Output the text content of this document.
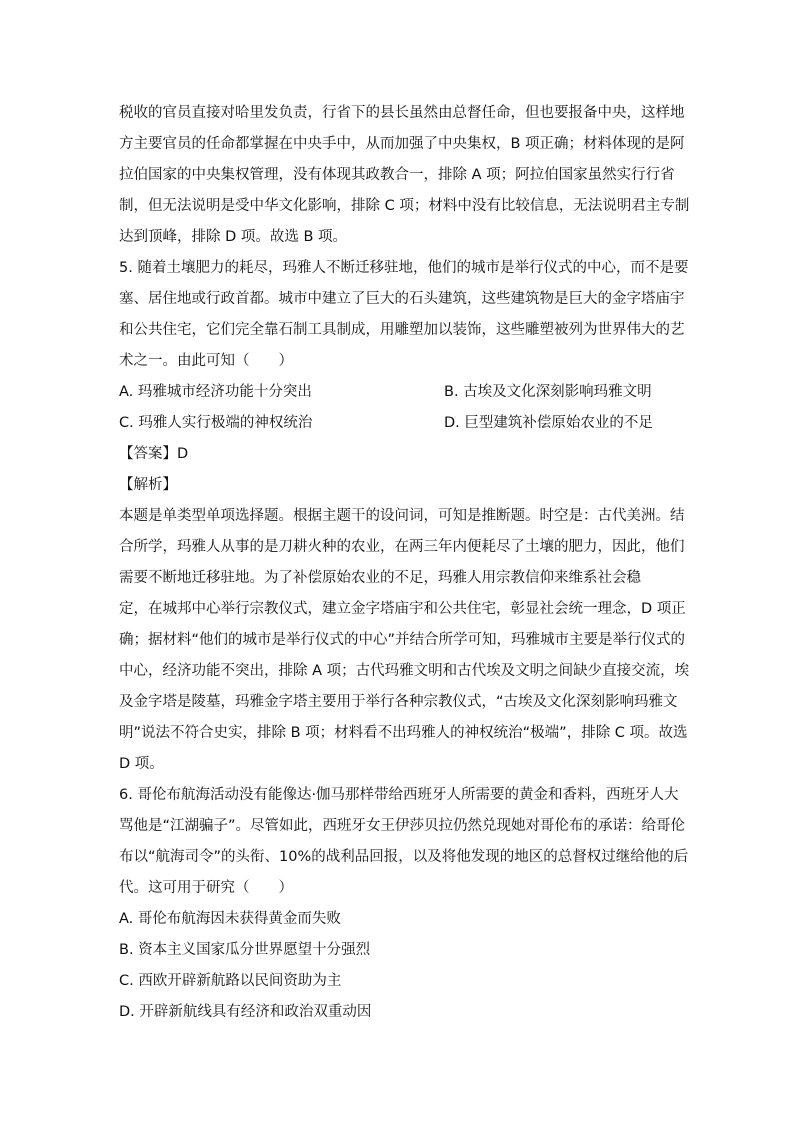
税收的官员直接对哈里发负责，行省下的县长虽然由总督任命，但也要报备中央，这样地
方主要官员的任命都掌握在中央手中，从而加强了中央集权，B 项正确；材料体现的是阿
拉伯国家的中央集权管理，没有体现其政教合一，排除 A 项；阿拉伯国家虽然实行行省
制，但无法说明是受中华文化影响，排除 C 项；材料中没有比较信息，无法说明君主专制
达到顶峰，排除 D 项。故选 B 项。

5. 随着土壤肥力的耗尽，玛雅人不断迁移驻地，他们的城市是举行仪式的中心，而不是要
塞、居住地或行政首都。城市中建立了巨大的石头建筑，这些建筑物是巨大的金字塔庙宇
和公共住宅，它们完全靠石制工具制成，用雕塑加以装饰，这些雕塑被列为世界伟大的艺
术之一。由此可知（　　）

A. 玛雅城市经济功能十分突出	B. 古埃及文化深刻影响玛雅文明
C. 玛雅人实行极端的神权统治	D. 巨型建筑补偿原始农业的不足
【答案】D
【解析】

本题是单类型单项选择题。根据主题干的设问词，可知是推断题。时空是：古代美洲。结
合所学，玛雅人从事的是刀耕火种的农业，在两三年内便耗尽了土壤的肥力，因此，他们
需要不断地迁移驻地。为了补偿原始农业的不足，玛雅人用宗教信仰来维系社会稳
定，在城邦中心举行宗教仪式，建立金字塔庙宇和公共住宅，彰显社会统一理念，D 项正
确；据材料“他们的城市是举行仪式的中心”并结合所学可知，玛雅城市主要是举行仪式的
中心，经济功能不突出，排除 A 项；古代玛雅文明和古代埃及文明之间缺少直接交流，埃
及金字塔是陵墓，玛雅金字塔主要用于举行各种宗教仪式，“古埃及文化深刻影响玛雅文
明”说法不符合史实，排除 B 项；材料看不出玛雅人的神权统治“极端”，排除 C 项。故选
D 项。

6. 哥伦布航海活动没有能像达·伽马那样带给西班牙人所需要的黄金和香料，西班牙人大
骂他是“江湖骗子”。尽管如此，西班牙女王伊莎贝拉仍然兑现她对哥伦布的承诺：给哥伦
布以“航海司令”的头衔、10%的战利品回报，以及将他发现的地区的总督权过继给他的后
代。这可用于研究（　　）

A. 哥伦布航海因未获得黄金而失败
B. 资本主义国家瓜分世界愿望十分强烈
C. 西欧开辟新航路以民间资助为主
D. 开辟新航线具有经济和政治双重动因
